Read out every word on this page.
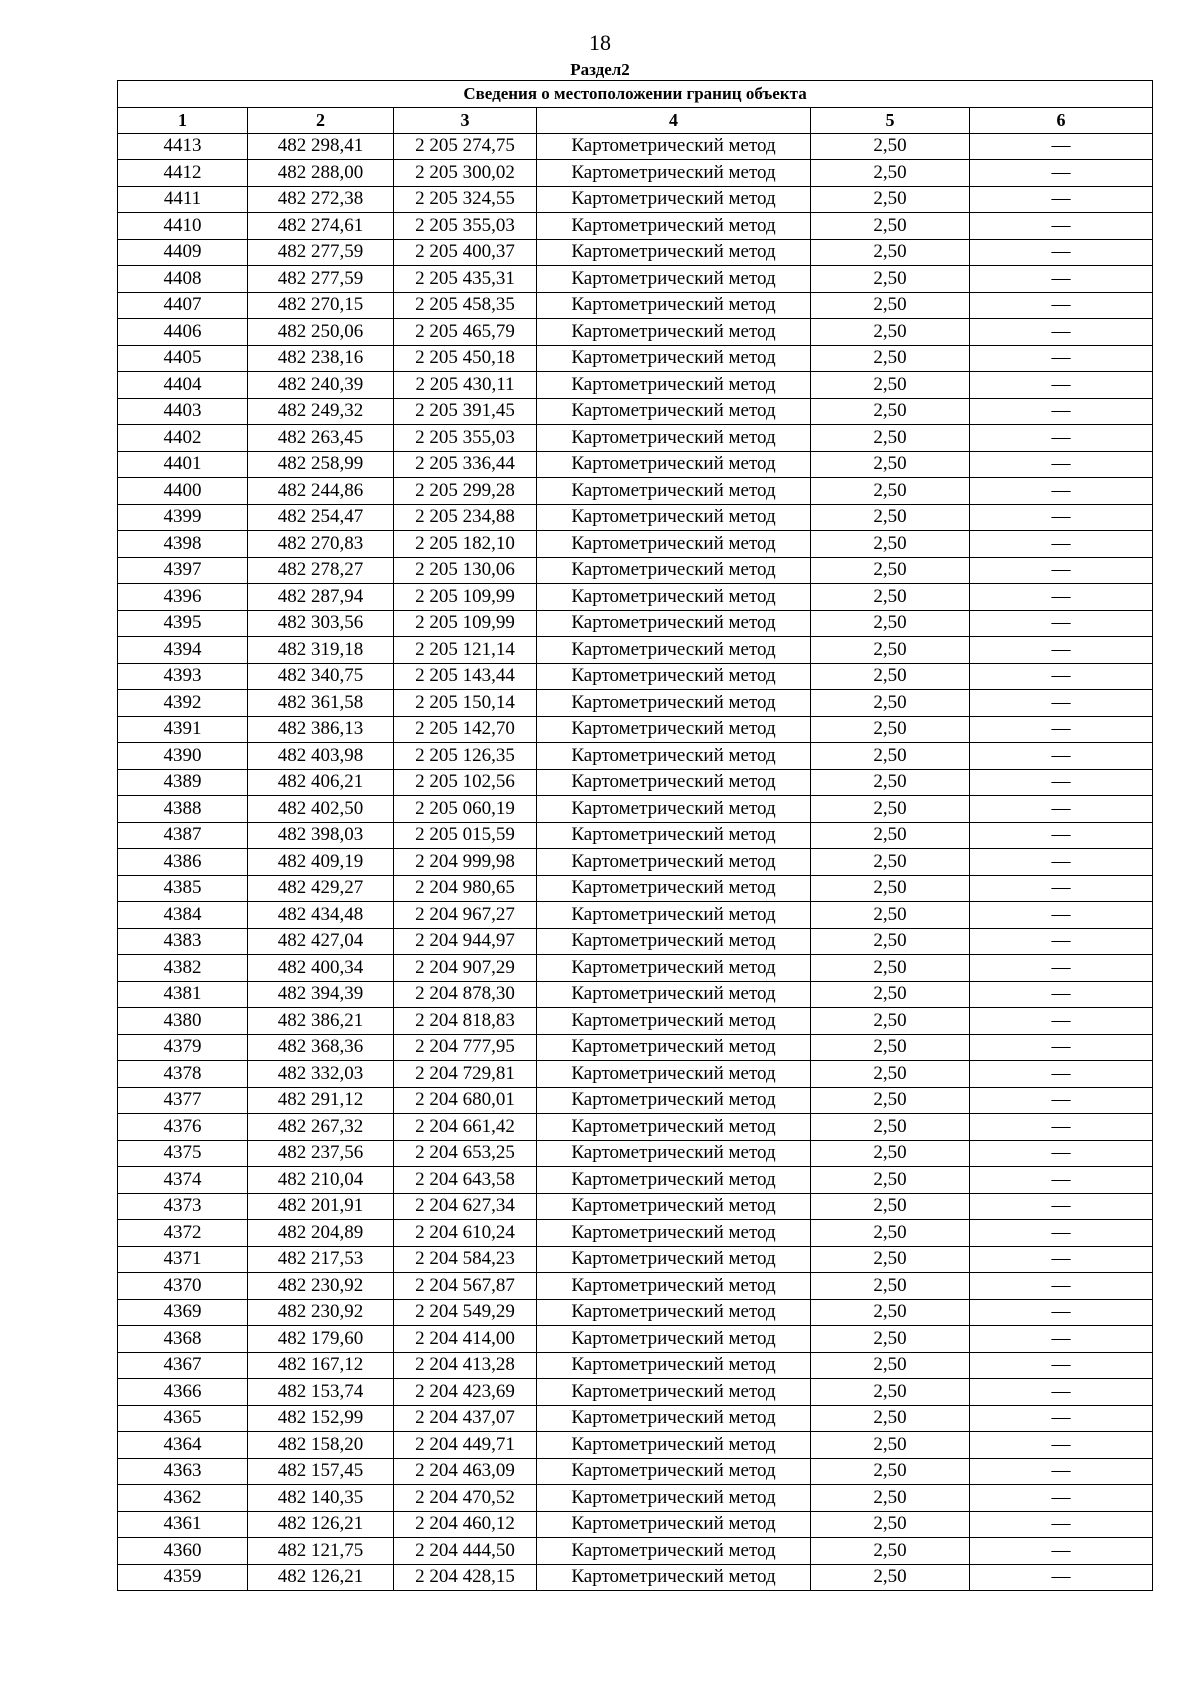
18
Раздел2
Сведения о местоположении границ объекта					
1	2	3	4	5	6
4413	482 298,41	2 205 274,75	Картометрический метод	2,50	—
4412	482 288,00	2 205 300,02	Картометрический метод	2,50	—
4411	482 272,38	2 205 324,55	Картометрический метод	2,50	—
4410	482 274,61	2 205 355,03	Картометрический метод	2,50	—
4409	482 277,59	2 205 400,37	Картометрический метод	2,50	—
4408	482 277,59	2 205 435,31	Картометрический метод	2,50	—
4407	482 270,15	2 205 458,35	Картометрический метод	2,50	—
4406	482 250,06	2 205 465,79	Картометрический метод	2,50	—
4405	482 238,16	2 205 450,18	Картометрический метод	2,50	—
4404	482 240,39	2 205 430,11	Картометрический метод	2,50	—
4403	482 249,32	2 205 391,45	Картометрический метод	2,50	—
4402	482 263,45	2 205 355,03	Картометрический метод	2,50	—
4401	482 258,99	2 205 336,44	Картометрический метод	2,50	—
4400	482 244,86	2 205 299,28	Картометрический метод	2,50	—
4399	482 254,47	2 205 234,88	Картометрический метод	2,50	—
4398	482 270,83	2 205 182,10	Картометрический метод	2,50	—
4397	482 278,27	2 205 130,06	Картометрический метод	2,50	—
4396	482 287,94	2 205 109,99	Картометрический метод	2,50	—
4395	482 303,56	2 205 109,99	Картометрический метод	2,50	—
4394	482 319,18	2 205 121,14	Картометрический метод	2,50	—
4393	482 340,75	2 205 143,44	Картометрический метод	2,50	—
4392	482 361,58	2 205 150,14	Картометрический метод	2,50	—
4391	482 386,13	2 205 142,70	Картометрический метод	2,50	—
4390	482 403,98	2 205 126,35	Картометрический метод	2,50	—
4389	482 406,21	2 205 102,56	Картометрический метод	2,50	—
4388	482 402,50	2 205 060,19	Картометрический метод	2,50	—
4387	482 398,03	2 205 015,59	Картометрический метод	2,50	—
4386	482 409,19	2 204 999,98	Картометрический метод	2,50	—
4385	482 429,27	2 204 980,65	Картометрический метод	2,50	—
4384	482 434,48	2 204 967,27	Картометрический метод	2,50	—
4383	482 427,04	2 204 944,97	Картометрический метод	2,50	—
4382	482 400,34	2 204 907,29	Картометрический метод	2,50	—
4381	482 394,39	2 204 878,30	Картометрический метод	2,50	—
4380	482 386,21	2 204 818,83	Картометрический метод	2,50	—
4379	482 368,36	2 204 777,95	Картометрический метод	2,50	—
4378	482 332,03	2 204 729,81	Картометрический метод	2,50	—
4377	482 291,12	2 204 680,01	Картометрический метод	2,50	—
4376	482 267,32	2 204 661,42	Картометрический метод	2,50	—
4375	482 237,56	2 204 653,25	Картометрический метод	2,50	—
4374	482 210,04	2 204 643,58	Картометрический метод	2,50	—
4373	482 201,91	2 204 627,34	Картометрический метод	2,50	—
4372	482 204,89	2 204 610,24	Картометрический метод	2,50	—
4371	482 217,53	2 204 584,23	Картометрический метод	2,50	—
4370	482 230,92	2 204 567,87	Картометрический метод	2,50	—
4369	482 230,92	2 204 549,29	Картометрический метод	2,50	—
4368	482 179,60	2 204 414,00	Картометрический метод	2,50	—
4367	482 167,12	2 204 413,28	Картометрический метод	2,50	—
4366	482 153,74	2 204 423,69	Картометрический метод	2,50	—
4365	482 152,99	2 204 437,07	Картометрический метод	2,50	—
4364	482 158,20	2 204 449,71	Картометрический метод	2,50	—
4363	482 157,45	2 204 463,09	Картометрический метод	2,50	—
4362	482 140,35	2 204 470,52	Картометрический метод	2,50	—
4361	482 126,21	2 204 460,12	Картометрический метод	2,50	—
4360	482 121,75	2 204 444,50	Картометрический метод	2,50	—
4359	482 126,21	2 204 428,15	Картометрический метод	2,50	—
